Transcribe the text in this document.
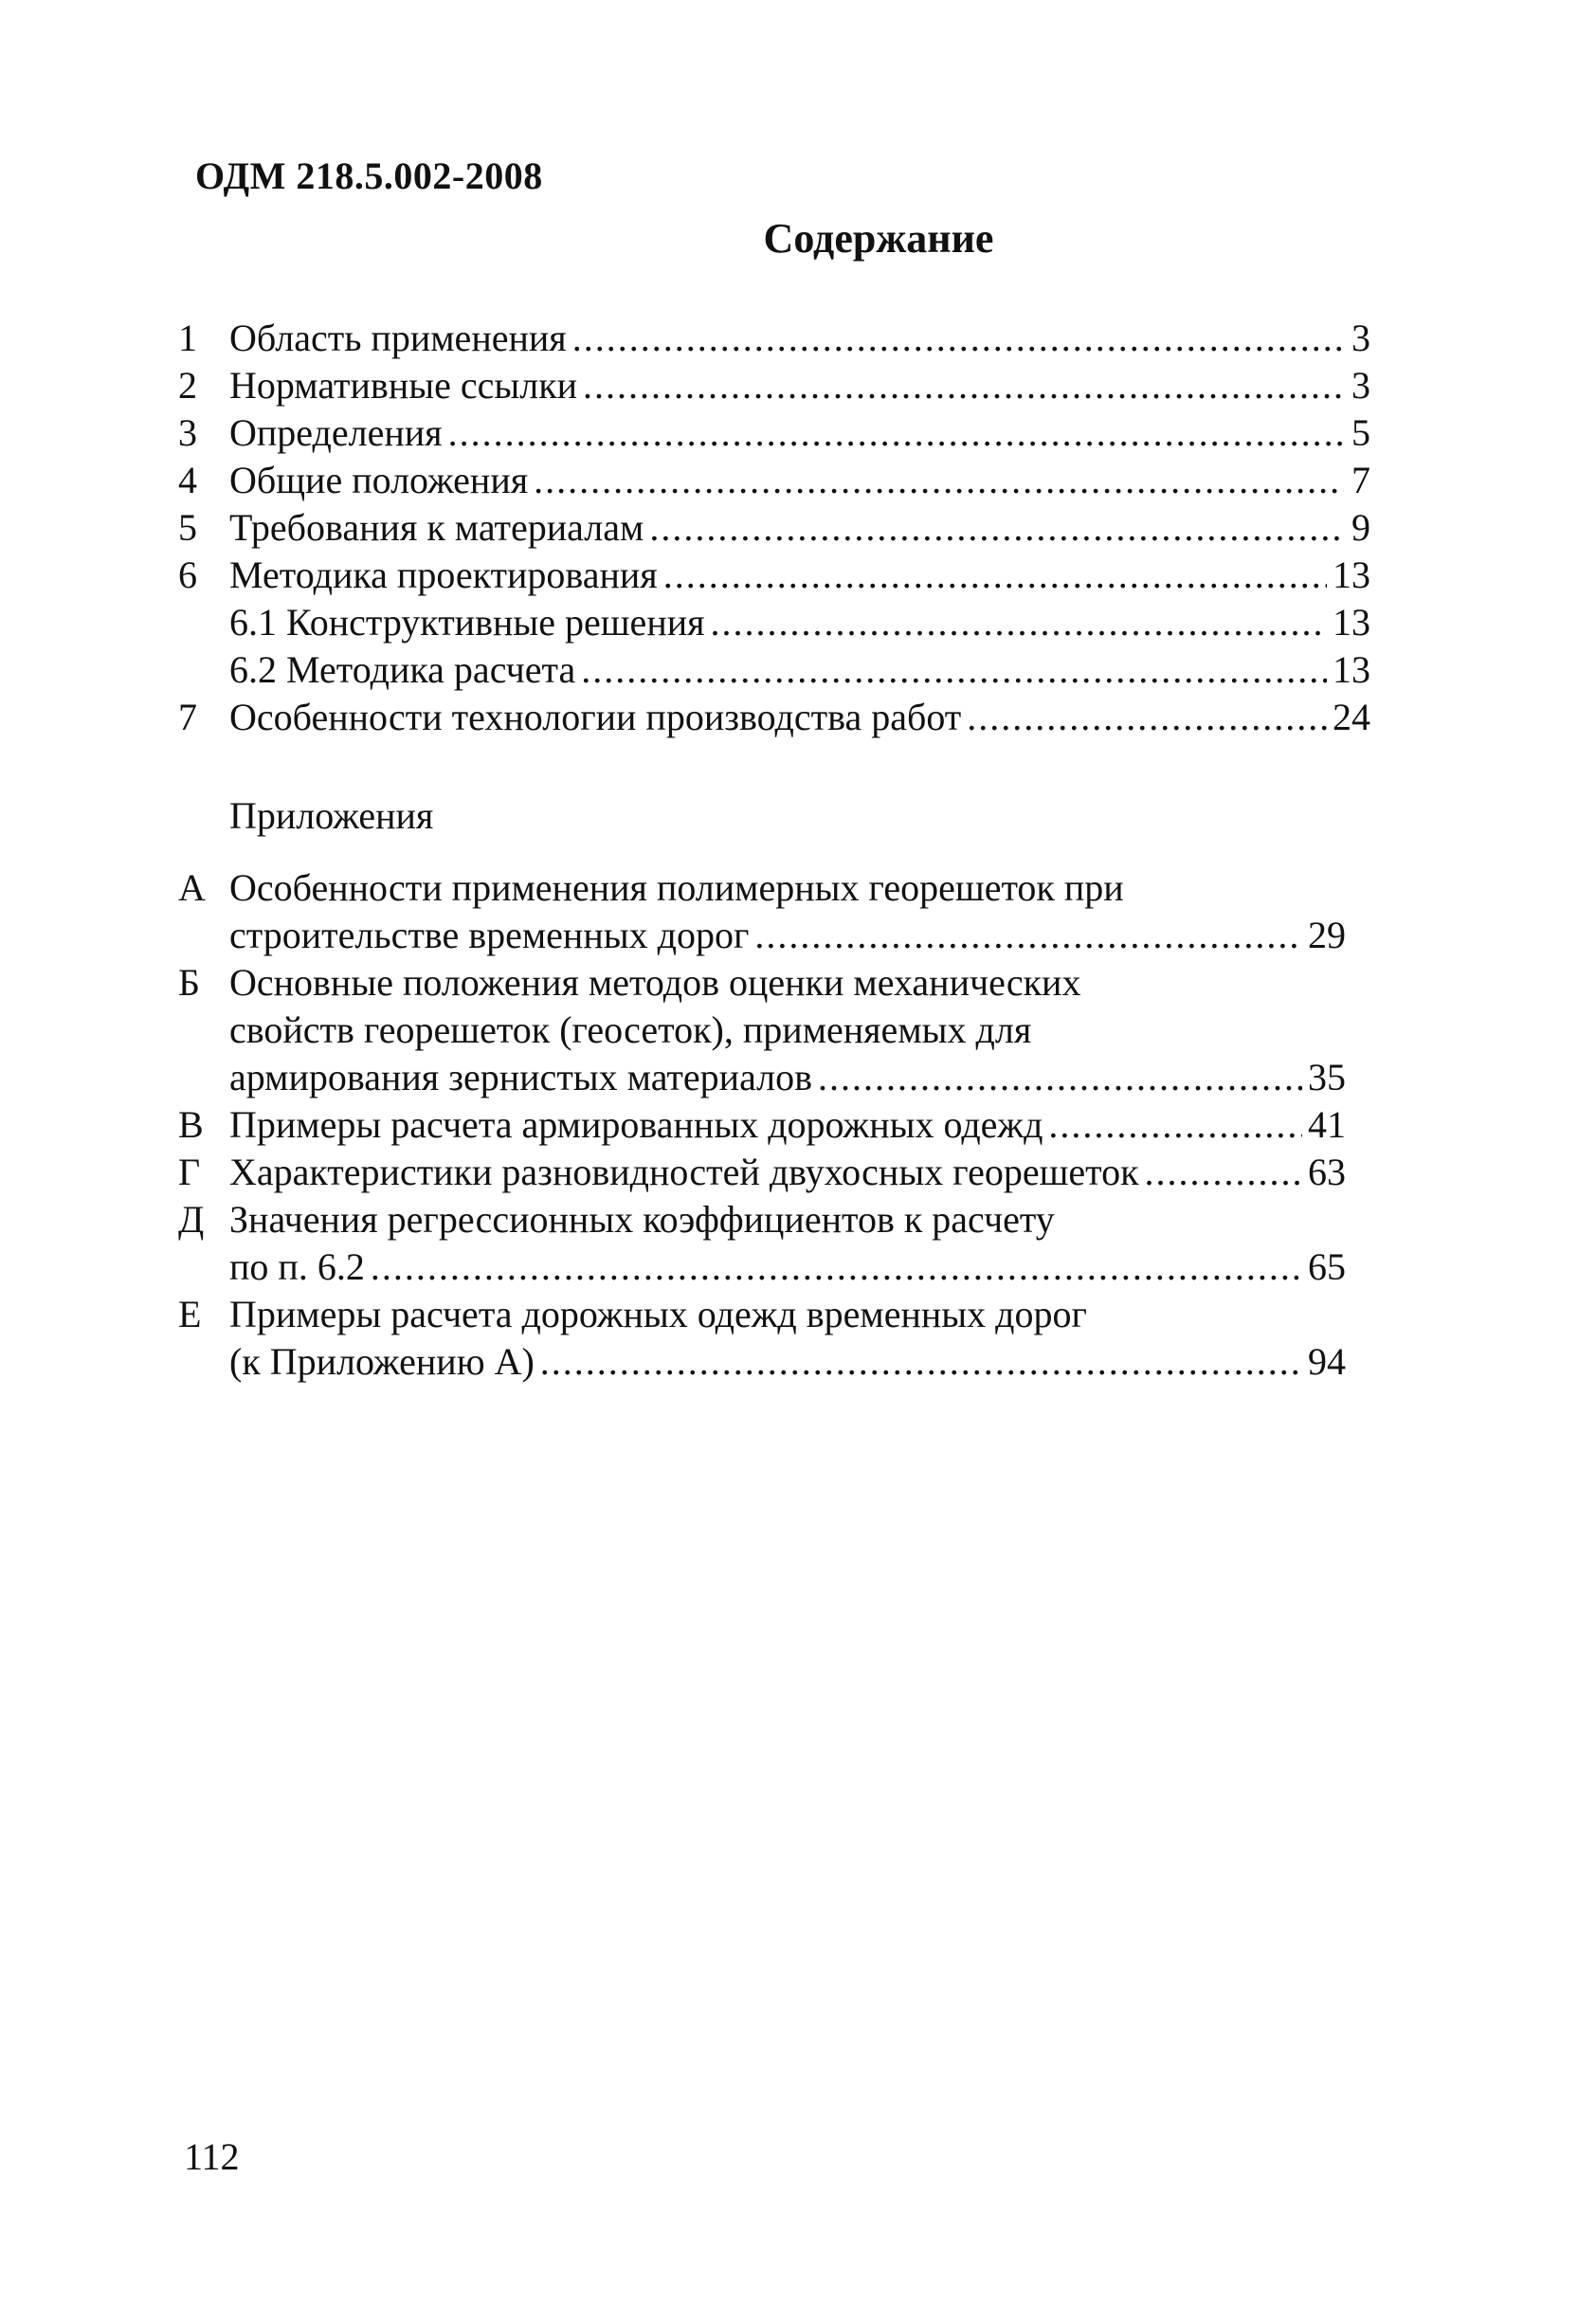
ОДМ 218.5.002-2008
Содержание
1 Область применения .....	3
2 Нормативные ссылки .....	3
3 Определения .....	5
4 Общие положения .....	7
5 Требования к материалам .....	9
6 Методика проектирования .....	13
6.1 Конструктивные решения .....	13
6.2 Методика расчета .....	13
7 Особенности технологии производства работ .....	24
Приложения
А Особенности применения полимерных георешеток при
строительстве временных дорог .....	29
Б Основные положения методов оценки механических
свойств георешеток (геосеток), применяемых для
армирования зернистых материалов .....	35
В Примеры расчета армированных дорожных одежд .....	41
Г Характеристики разновидностей двухосных георешеток .....	63
Д Значения регрессионных коэффициентов к расчету
по п. 6.2 .....	65
Е Примеры расчета дорожных одежд временных дорог
(к Приложению А) .....	94
112
